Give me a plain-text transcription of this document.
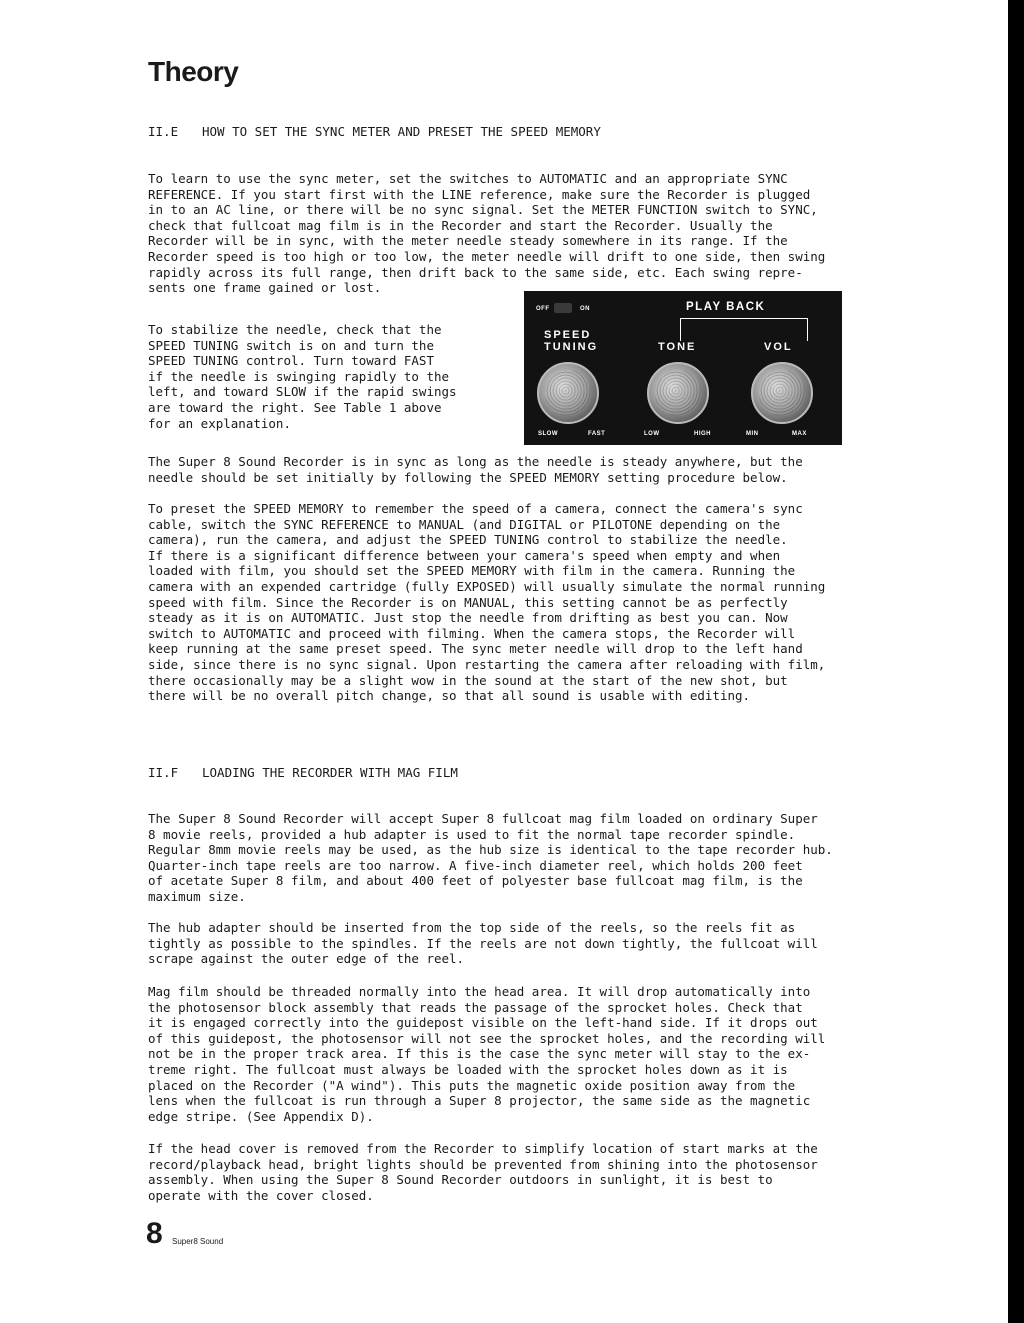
Theory
II.E HOW TO SET THE SYNC METER AND PRESET THE SPEED MEMORY

To learn to use the sync meter, set the switches to AUTOMATIC and an appropriate SYNC
REFERENCE. If you start first with the LINE reference, make sure the Recorder is plugged
in to an AC line, or there will be no sync signal. Set the METER FUNCTION switch to SYNC,
check that fullcoat mag film is in the Recorder and start the Recorder. Usually the
Recorder will be in sync, with the meter needle steady somewhere in its range. If the
Recorder speed is too high or too low, the meter needle will drift to one side, then swing
rapidly across its full range, then drift back to the same side, etc. Each swing repre-
sents one frame gained or lost.

To stabilize the needle, check that the
SPEED TUNING switch is on and turn the
SPEED TUNING control. Turn toward FAST
if the needle is swinging rapidly to the
left, and toward SLOW if the rapid swings
are toward the right. See Table 1 above
for an explanation.

OFF	ON	PLAY BACK
SPEED
TUNING	TONE	VOL
SLOW	FAST	LOW	HIGH	MIN	MAX

The Super 8 Sound Recorder is in sync as long as the needle is steady anywhere, but the
needle should be set initially by following the SPEED MEMORY setting procedure below.

To preset the SPEED MEMORY to remember the speed of a camera, connect the camera's sync
cable, switch the SYNC REFERENCE to MANUAL (and DIGITAL or PILOTONE depending on the
camera), run the camera, and adjust the SPEED TUNING control to stabilize the needle.
If there is a significant difference between your camera's speed when empty and when
loaded with film, you should set the SPEED MEMORY with film in the camera. Running the
camera with an expended cartridge (fully EXPOSED) will usually simulate the normal running
speed with film. Since the Recorder is on MANUAL, this setting cannot be as perfectly
steady as it is on AUTOMATIC. Just stop the needle from drifting as best you can. Now
switch to AUTOMATIC and proceed with filming. When the camera stops, the Recorder will
keep running at the same preset speed. The sync meter needle will drop to the left hand
side, since there is no sync signal. Upon restarting the camera after reloading with film,
there occasionally may be a slight wow in the sound at the start of the new shot, but
there will be no overall pitch change, so that all sound is usable with editing.

II.F LOADING THE RECORDER WITH MAG FILM

The Super 8 Sound Recorder will accept Super 8 fullcoat mag film loaded on ordinary Super
8 movie reels, provided a hub adapter is used to fit the normal tape recorder spindle.
Regular 8mm movie reels may be used, as the hub size is identical to the tape recorder hub.
Quarter-inch tape reels are too narrow. A five-inch diameter reel, which holds 200 feet
of acetate Super 8 film, and about 400 feet of polyester base fullcoat mag film, is the
maximum size.

The hub adapter should be inserted from the top side of the reels, so the reels fit as
tightly as possible to the spindles. If the reels are not down tightly, the fullcoat will
scrape against the outer edge of the reel.

Mag film should be threaded normally into the head area. It will drop automatically into
the photosensor block assembly that reads the passage of the sprocket holes. Check that
it is engaged correctly into the guidepost visible on the left-hand side. If it drops out
of this guidepost, the photosensor will not see the sprocket holes, and the recording will
not be in the proper track area. If this is the case the sync meter will stay to the ex-
treme right. The fullcoat must always be loaded with the sprocket holes down as it is
placed on the Recorder ("A wind"). This puts the magnetic oxide position away from the
lens when the fullcoat is run through a Super 8 projector, the same side as the magnetic
edge stripe. (See Appendix D).

If the head cover is removed from the Recorder to simplify location of start marks at the
record/playback head, bright lights should be prevented from shining into the photosensor
assembly. When using the Super 8 Sound Recorder outdoors in sunlight, it is best to
operate with the cover closed.

8 Super8 Sound
